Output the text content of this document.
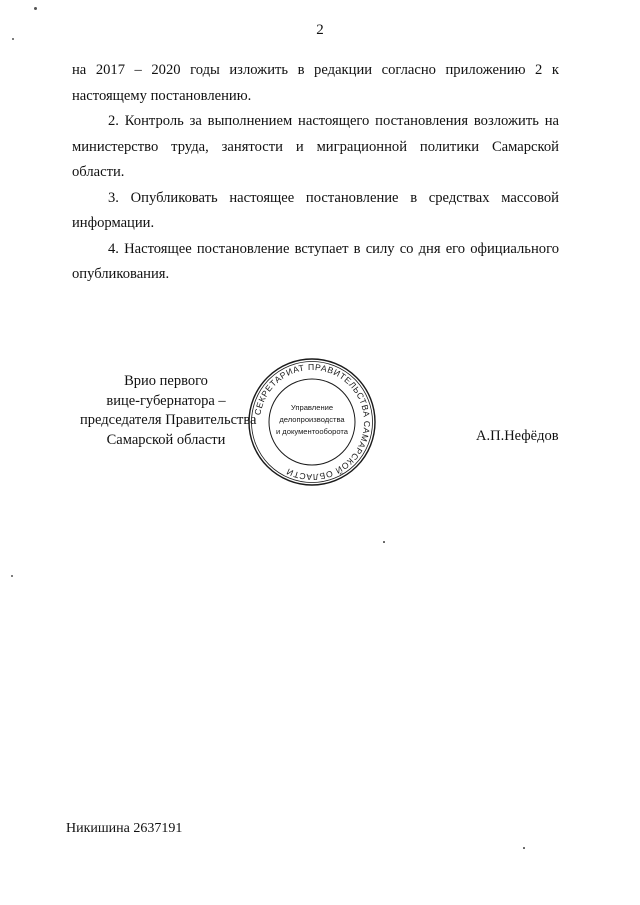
2

на 2017 – 2020 годы изложить в редакции согласно приложению 2 к настоящему постановлению.

2. Контроль за выполнением настоящего постановления возложить на министерство труда, занятости и миграционной политики Самарской области.

3. Опубликовать настоящее постановление в средствах массовой информации.

4. Настоящее постановление вступает в силу со дня его официального опубликования.

Врио первого
вице-губернатора –
председателя Правительства
Самарской области
СЕКРЕТАРИАТ ПРАВИТЕЛЬСТВА САМАРСКОЙ ОБЛАСТИ
Управление
делопроизводства
и документооборота	А.П.Нефёдов
Никишина 2637191
